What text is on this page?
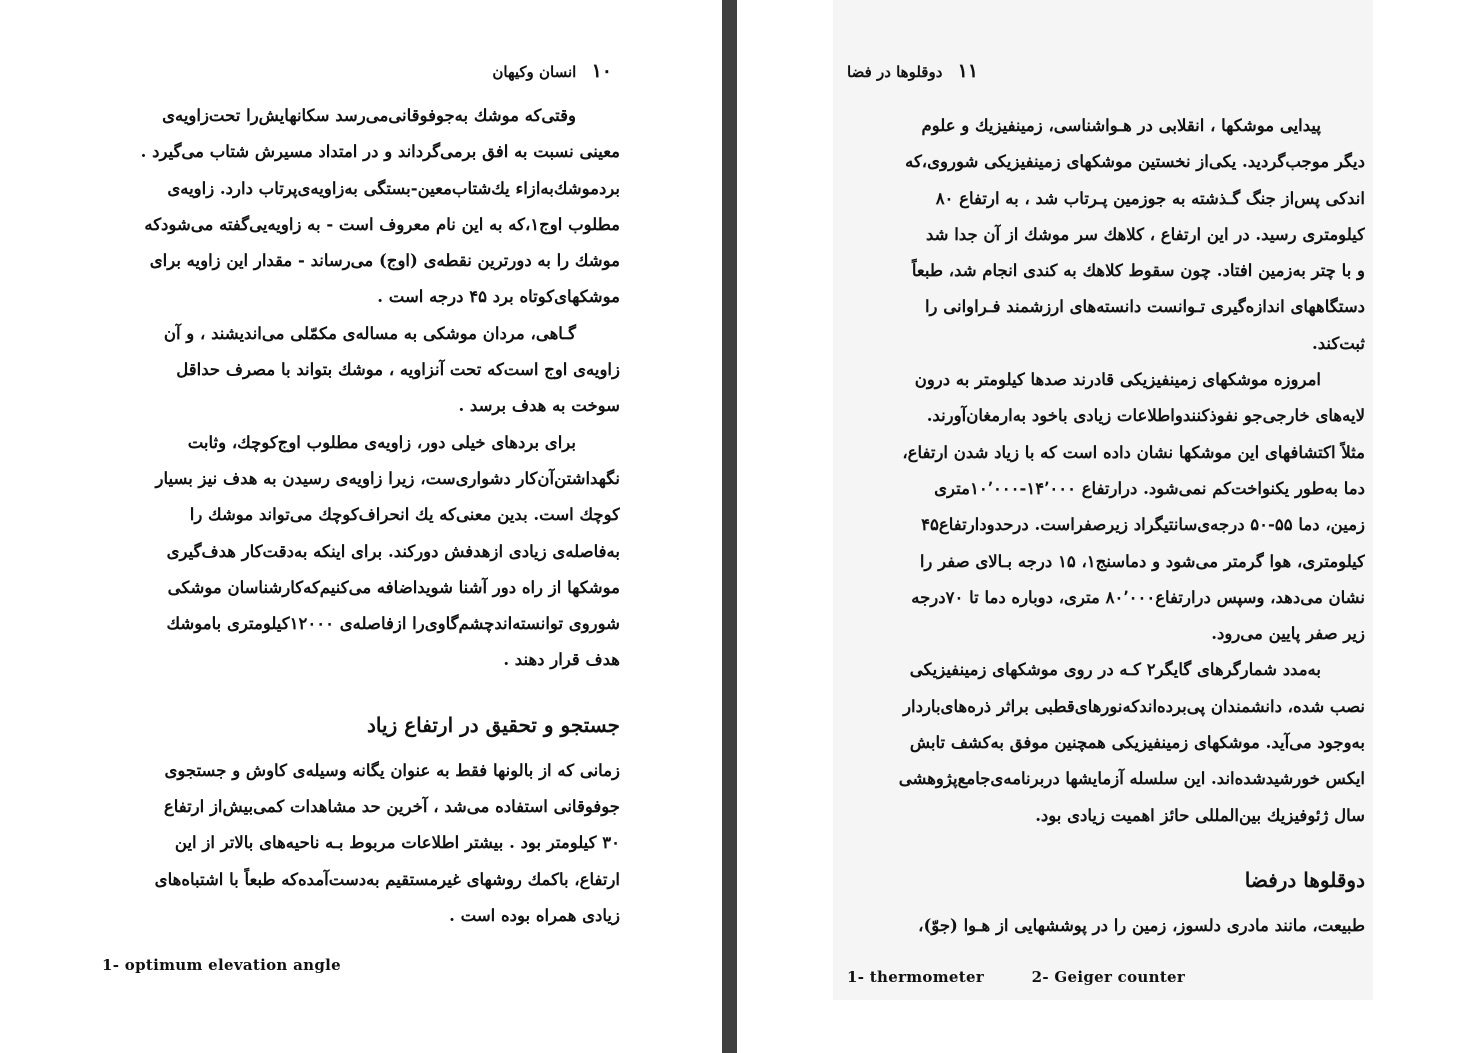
۱۰ انسان وکیهان
وقتی‌که موشك به‌جوفوقانی‌می‌رسد سکانهایش‌را تحت‌زاویه‌ی
معینی نسبت به افق برمی‌گرداند و در امتداد مسیرش شتاب می‌گیرد .
بردموشك‌به‌ازاء یك‌شتاب‌معین-بستگی به‌زاویه‌ی‌پرتاب دارد. زاویه‌ی
مطلوب اوج۱،که به این نام معروف است - به زاویه‌یی‌گفته می‌شود‌که
موشك را به دورترین نقطه‌ی (اوج) می‌رساند - مقدار این زاویه برای
موشکهای‌کوتاه برد ۴۵ درجه است .
گـاهی، مردان موشکی به مساله‌ی مکمّلی می‌اندیشند ، و آن
زاویه‌ی اوج است‌که تحت آنزاویه ، موشك بتواند با مصرف حداقل
سوخت به هدف برسد .
برای بردهای خیلی دور، زاویه‌ی مطلوب اوج‌کوچك، وثابت
نگهداشتن‌آن‌کار دشواری‌ست، زیرا زاویه‌ی رسیدن به هدف نیز بسیار
کوچك است. بدین معنی‌که یك انحراف‌کوچك می‌تواند موشك را
به‌فاصله‌ی زیادی ازهدفش دورکند. برای اینکه به‌دقت‌کار هدف‌گیری
موشکها از راه دور آشنا شویداضافه می‌کنیم‌که‌کارشناسان موشکی
شوروی توانسته‌اندچشم‌گاوی‌را ازفاصله‌ی ۱۲۰۰۰کیلومتری باموشك
هدف قرار دهند .
جستجو و تحقیق در ارتفاع زیاد
زمانی که از بالونها فقط به عنوان یگانه وسیله‌ی کاوش و جستجوی
جوفوقانی استفاده می‌شد ، آخرین حد مشاهدات کمی‌بیش‌از ارتفاع
۳۰ کیلومتر بود . بیشتر اطلاعات مربوط بـه ناحیه‌های بالاتر از این
ارتفاع، باکمك روشهای غیرمستقیم به‌دست‌آمده‌که طبعاً با اشتباه‌های
زیادی همراه بوده است .
1- optimum elevation angle
۱۱ دوقلوها در فضا
پیدایی موشکها ، انقلابی در هـواشناسی، زمینفیزیك و علوم
دیگر موجب‌گردید. یکی‌از نخستین موشکهای زمینفیزیکی شوروی،که
اندکی پس‌از جنگ گـذشته به جوزمین پـرتاب شد ، به ارتفاع ۸۰
کیلومتری رسید. در این ارتفاع ، کلاهك سر موشك از آن جدا شد
و با چتر به‌زمین افتاد. چون سقوط کلاهك به کندی انجام شد، طبعاً
دستگاههای اندازه‌گیری تـوانست دانسته‌های ارزشمند فـراوانی را
ثبت‌کند.
امروزه موشکهای زمینفیزیکی قادرند صدها کیلومتر به درون
لایه‌های خارجی‌جو نفوذکنندواطلاعات زیادی باخود به‌ارمغان‌آورند.
مثلاً اکتشافهای این موشکها نشان داده است که با زیاد شدن ارتفاع،
دما به‌طور یکنواخت‌کم نمی‌شود. درارتفاع ۱۴٬۰۰۰-۱۰٬۰۰۰متری
زمین، دما ۵۵-۵۰ درجه‌ی‌سانتیگراد زیرصفراست. درحدودارتفاع۴۵
کیلومتری، هوا گرمتر می‌شود و دماسنج۱، ۱۵ درجه بـالای صفر را
نشان می‌دهد، وسپس درارتفاع۸۰٬۰۰۰ متری، دوباره دما تا ۷۰درجه
زیر صفر پایین می‌رود.
به‌مدد شمارگرهای گایگر۲ کـه در روی موشکهای زمینفیزیکی
نصب شده، دانشمندان پی‌برده‌اندکه‌نورهای‌قطبی براثر ذره‌های‌باردار
به‌وجود می‌آید. موشکهای زمینفیزیکی همچنین موفق به‌کشف تابش
ایکس خورشیدشده‌اند. این سلسله آزمایشها دربرنامه‌ی‌جامع‌پژوهشی
سال ژئوفیزیك بین‌المللی حائز اهمیت زیادی بود.
دوقلوها درفضا
طبیعت، مانند مادری دلسوز، زمین را در پوششهایی از هـوا (جوّ)،
1- thermometer	2- Geiger counter
